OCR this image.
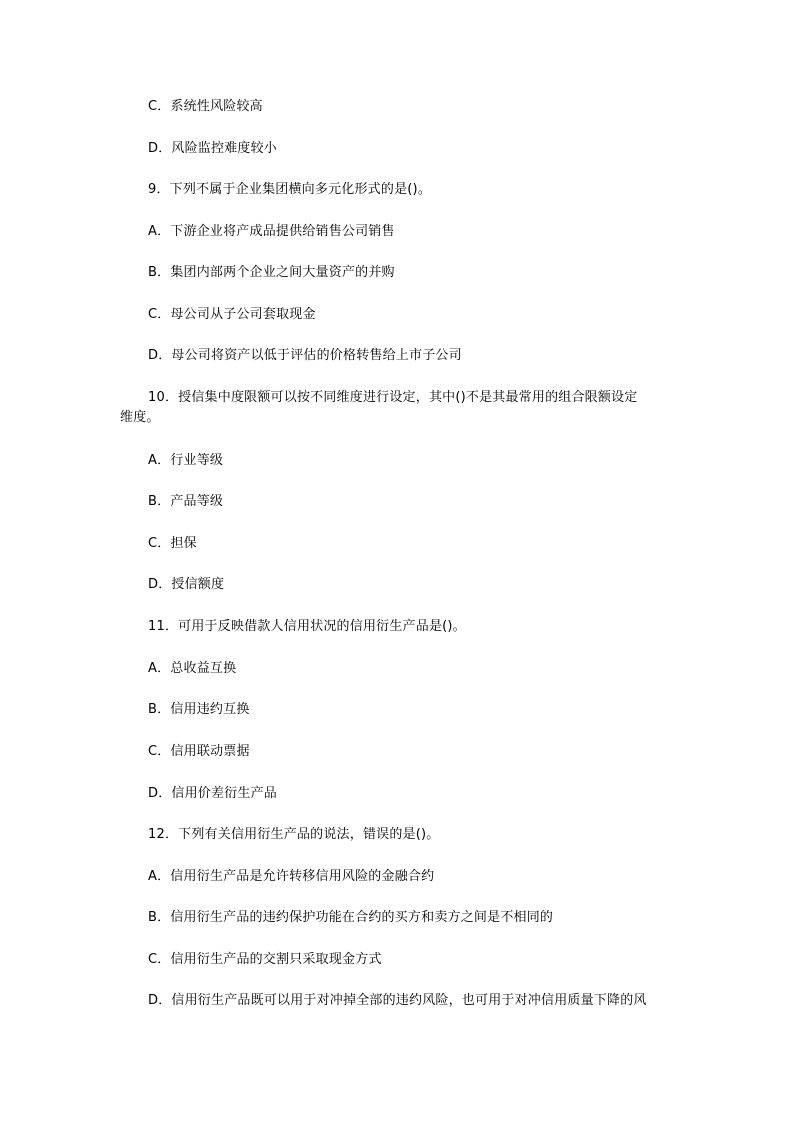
C．系统性风险较高
D．风险监控难度较小
9．下列不属于企业集团横向多元化形式的是()。
A．下游企业将产成品提供给销售公司销售
B．集团内部两个企业之间大量资产的并购
C．母公司从子公司套取现金
D．母公司将资产以低于评估的价格转售给上市子公司
10．授信集中度限额可以按不同维度进行设定，其中()不是其最常用的组合限额设定
维度。
A．行业等级
B．产品等级
C．担保
D．授信额度
11．可用于反映借款人信用状况的信用衍生产品是()。
A．总收益互换
B．信用违约互换
C．信用联动票据
D．信用价差衍生产品
12．下列有关信用衍生产品的说法，错误的是()。
A．信用衍生产品是允许转移信用风险的金融合约
B．信用衍生产品的违约保护功能在合约的买方和卖方之间是不相同的
C．信用衍生产品的交割只采取现金方式
D．信用衍生产品既可以用于对冲掉全部的违约风险，也可用于对冲信用质量下降的风
